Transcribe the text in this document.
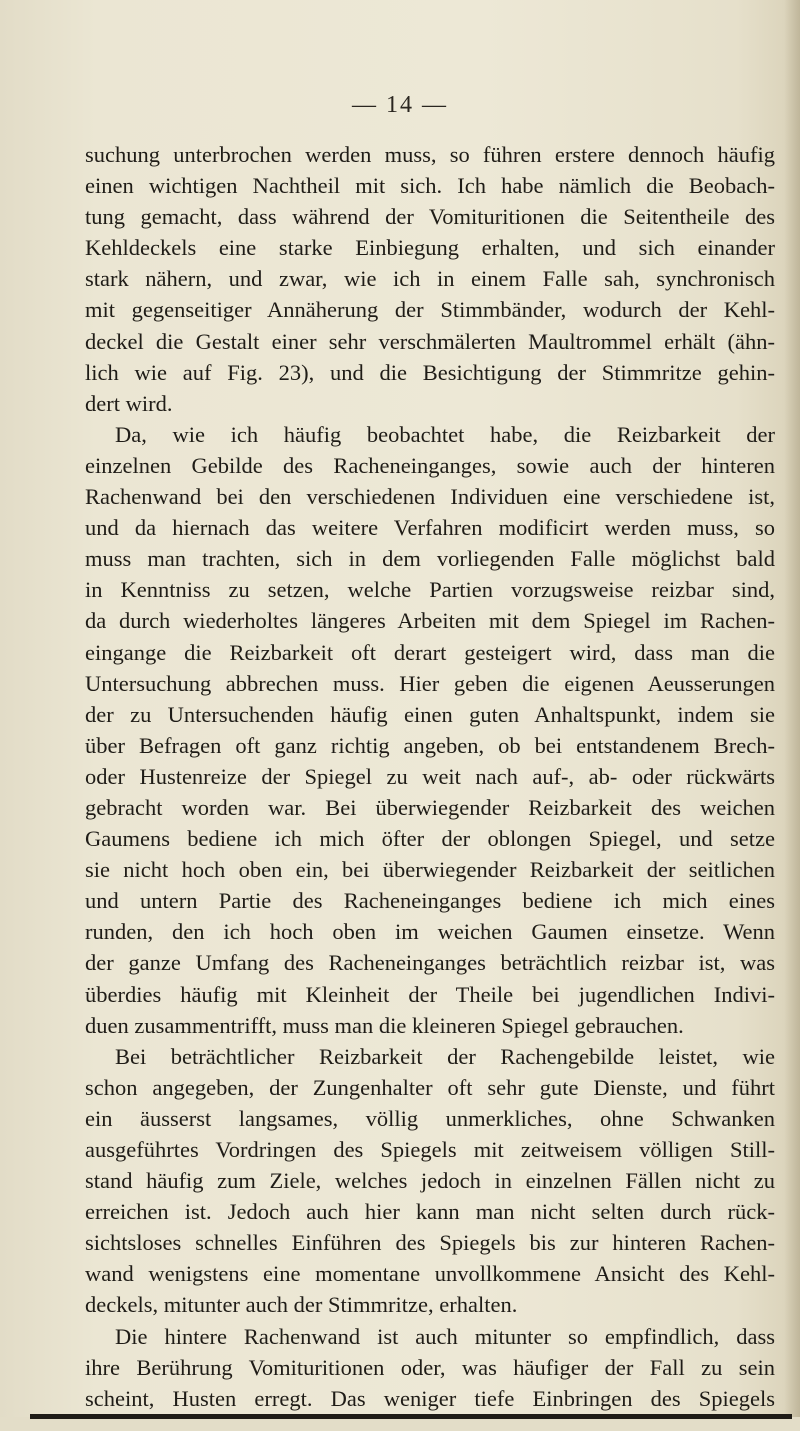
— 14 —
suchung unterbrochen werden muss, so führen erstere dennoch häufig
einen wichtigen Nachtheil mit sich. Ich habe nämlich die Beobach-
tung gemacht, dass während der Vomituritionen die Seitentheile des
Kehldeckels eine starke Einbiegung erhalten, und sich einander
stark nähern, und zwar, wie ich in einem Falle sah, synchronisch
mit gegenseitiger Annäherung der Stimmbänder, wodurch der Kehl-
deckel die Gestalt einer sehr verschmälerten Maultrommel erhält (ähn-
lich wie auf Fig. 23), und die Besichtigung der Stimmritze gehin-
dert wird.
Da, wie ich häufig beobachtet habe, die Reizbarkeit der
einzelnen Gebilde des Racheneinganges, sowie auch der hinteren
Rachenwand bei den verschiedenen Individuen eine verschiedene ist,
und da hiernach das weitere Verfahren modificirt werden muss, so
muss man trachten, sich in dem vorliegenden Falle möglichst bald
in Kenntniss zu setzen, welche Partien vorzugsweise reizbar sind,
da durch wiederholtes längeres Arbeiten mit dem Spiegel im Rachen-
eingange die Reizbarkeit oft derart gesteigert wird, dass man die
Untersuchung abbrechen muss. Hier geben die eigenen Aeusserungen
der zu Untersuchenden häufig einen guten Anhaltspunkt, indem sie
über Befragen oft ganz richtig angeben, ob bei entstandenem Brech-
oder Hustenreize der Spiegel zu weit nach auf-, ab- oder rückwärts
gebracht worden war. Bei überwiegender Reizbarkeit des weichen
Gaumens bediene ich mich öfter der oblongen Spiegel, und setze
sie nicht hoch oben ein, bei überwiegender Reizbarkeit der seitlichen
und untern Partie des Racheneinganges bediene ich mich eines
runden, den ich hoch oben im weichen Gaumen einsetze. Wenn
der ganze Umfang des Racheneinganges beträchtlich reizbar ist, was
überdies häufig mit Kleinheit der Theile bei jugendlichen Indivi-
duen zusammentrifft, muss man die kleineren Spiegel gebrauchen.
Bei beträchtlicher Reizbarkeit der Rachengebilde leistet, wie
schon angegeben, der Zungenhalter oft sehr gute Dienste, und führt
ein äusserst langsames, völlig unmerkliches, ohne Schwanken
ausgeführtes Vordringen des Spiegels mit zeitweisem völligen Still-
stand häufig zum Ziele, welches jedoch in einzelnen Fällen nicht zu
erreichen ist. Jedoch auch hier kann man nicht selten durch rück-
sichtsloses schnelles Einführen des Spiegels bis zur hinteren Rachen-
wand wenigstens eine momentane unvollkommene Ansicht des Kehl-
deckels, mitunter auch der Stimmritze, erhalten.
Die hintere Rachenwand ist auch mitunter so empfindlich, dass
ihre Berührung Vomituritionen oder, was häufiger der Fall zu sein
scheint, Husten erregt. Das weniger tiefe Einbringen des Spiegels
